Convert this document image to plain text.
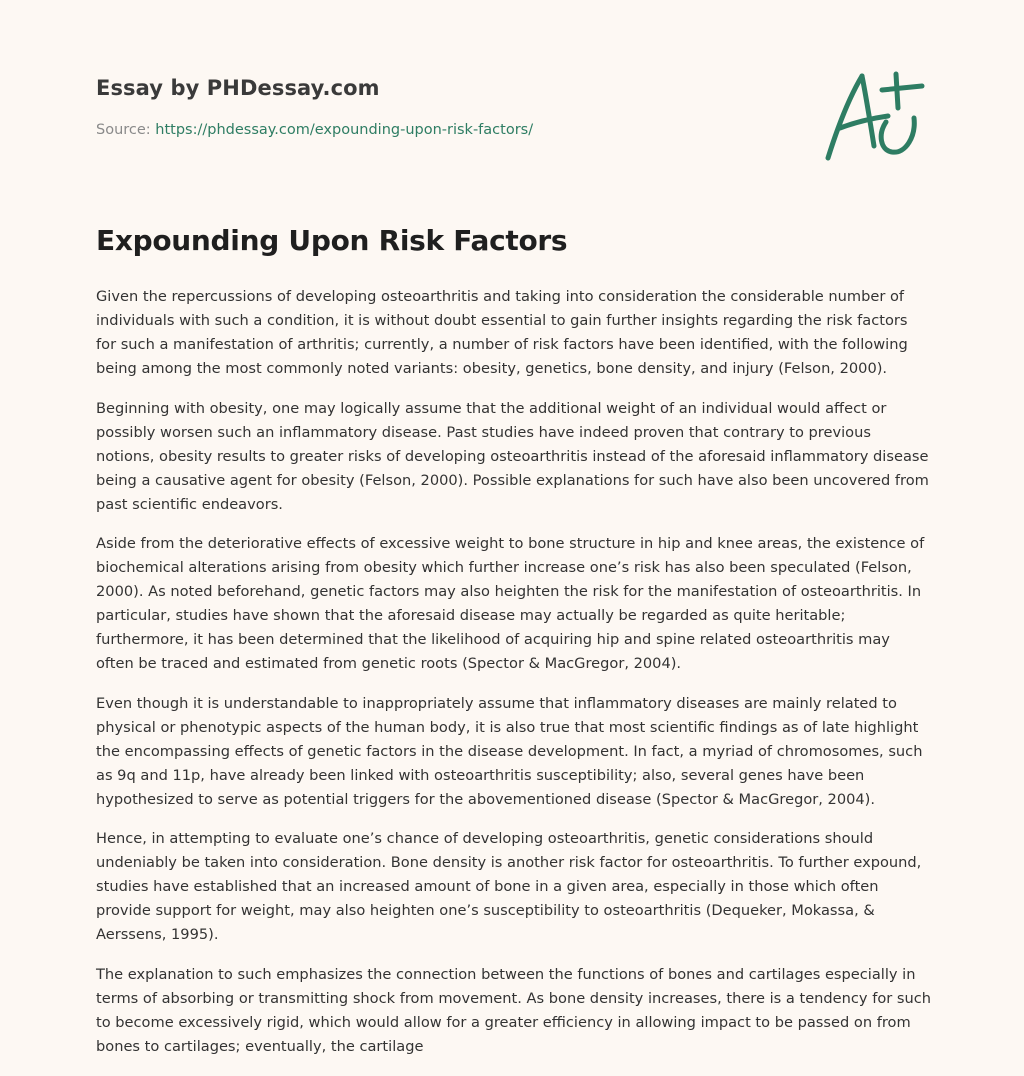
Essay by PHDessay.com
Source: https://phdessay.com/expounding-upon-risk-factors/
Expounding Upon Risk Factors

Given the repercussions of developing osteoarthritis and taking into consideration the considerable number of individuals with such a condition, it is without doubt essential to gain further insights regarding the risk factors for such a manifestation of arthritis; currently, a number of risk factors have been identified, with the following being among the most commonly noted variants: obesity, genetics, bone density, and injury (Felson, 2000).

Beginning with obesity, one may logically assume that the additional weight of an individual would affect or possibly worsen such an inflammatory disease. Past studies have indeed proven that contrary to previous notions, obesity results to greater risks of developing osteoarthritis instead of the aforesaid inflammatory disease being a causative agent for obesity (Felson, 2000). Possible explanations for such have also been uncovered from past scientific endeavors.

Aside from the deteriorative effects of excessive weight to bone structure in hip and knee areas, the existence of biochemical alterations arising from obesity which further increase one’s risk has also been speculated (Felson, 2000). As noted beforehand, genetic factors may also heighten the risk for the manifestation of osteoarthritis. In particular, studies have shown that the aforesaid disease may actually be regarded as quite heritable; furthermore, it has been determined that the likelihood of acquiring hip and spine related osteoarthritis may often be traced and estimated from genetic roots (Spector & MacGregor, 2004).

Even though it is understandable to inappropriately assume that inflammatory diseases are mainly related to physical or phenotypic aspects of the human body, it is also true that most scientific findings as of late highlight the encompassing effects of genetic factors in the disease development. In fact, a myriad of chromosomes, such as 9q and 11p, have already been linked with osteoarthritis susceptibility; also, several genes have been hypothesized to serve as potential triggers for the abovementioned disease (Spector & MacGregor, 2004).

Hence, in attempting to evaluate one’s chance of developing osteoarthritis, genetic considerations should undeniably be taken into consideration. Bone density is another risk factor for osteoarthritis. To further expound, studies have established that an increased amount of bone in a given area, especially in those which often provide support for weight, may also heighten one’s susceptibility to osteoarthritis (Dequeker, Mokassa, & Aerssens, 1995).

The explanation to such emphasizes the connection between the functions of bones and cartilages especially in terms of absorbing or transmitting shock from movement. As bone density increases, there is a tendency for such to become excessively rigid, which would allow for a greater efficiency in allowing impact to be passed on from bones to cartilages; eventually, the cartilage
